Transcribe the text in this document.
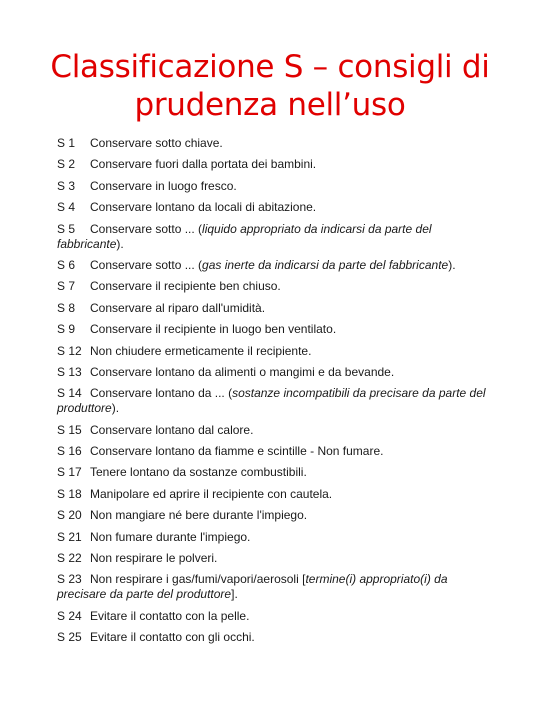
Classificazione S – consigli di prudenza nell’uso
S 1 Conservare sotto chiave.
S 2 Conservare fuori dalla portata dei bambini.
S 3 Conservare in luogo fresco.
S 4 Conservare lontano da locali di abitazione.
S 5 Conservare sotto ... (liquido appropriato da indicarsi da parte del fabbricante).
S 6 Conservare sotto ... (gas inerte da indicarsi da parte del fabbricante).
S 7 Conservare il recipiente ben chiuso.
S 8 Conservare al riparo dall'umidità.
S 9 Conservare il recipiente in luogo ben ventilato.
S 12 Non chiudere ermeticamente il recipiente.
S 13 Conservare lontano da alimenti o mangimi e da bevande.
S 14 Conservare lontano da ... (sostanze incompatibili da precisare da parte del produttore).
S 15 Conservare lontano dal calore.
S 16 Conservare lontano da fiamme e scintille - Non fumare.
S 17 Tenere lontano da sostanze combustibili.
S 18 Manipolare ed aprire il recipiente con cautela.
S 20 Non mangiare né bere durante l'impiego.
S 21 Non fumare durante l'impiego.
S 22 Non respirare le polveri.
S 23 Non respirare i gas/fumi/vapori/aerosoli [termine(i) appropriato(i) da precisare da parte del produttore].
S 24 Evitare il contatto con la pelle.
S 25 Evitare il contatto con gli occhi.
